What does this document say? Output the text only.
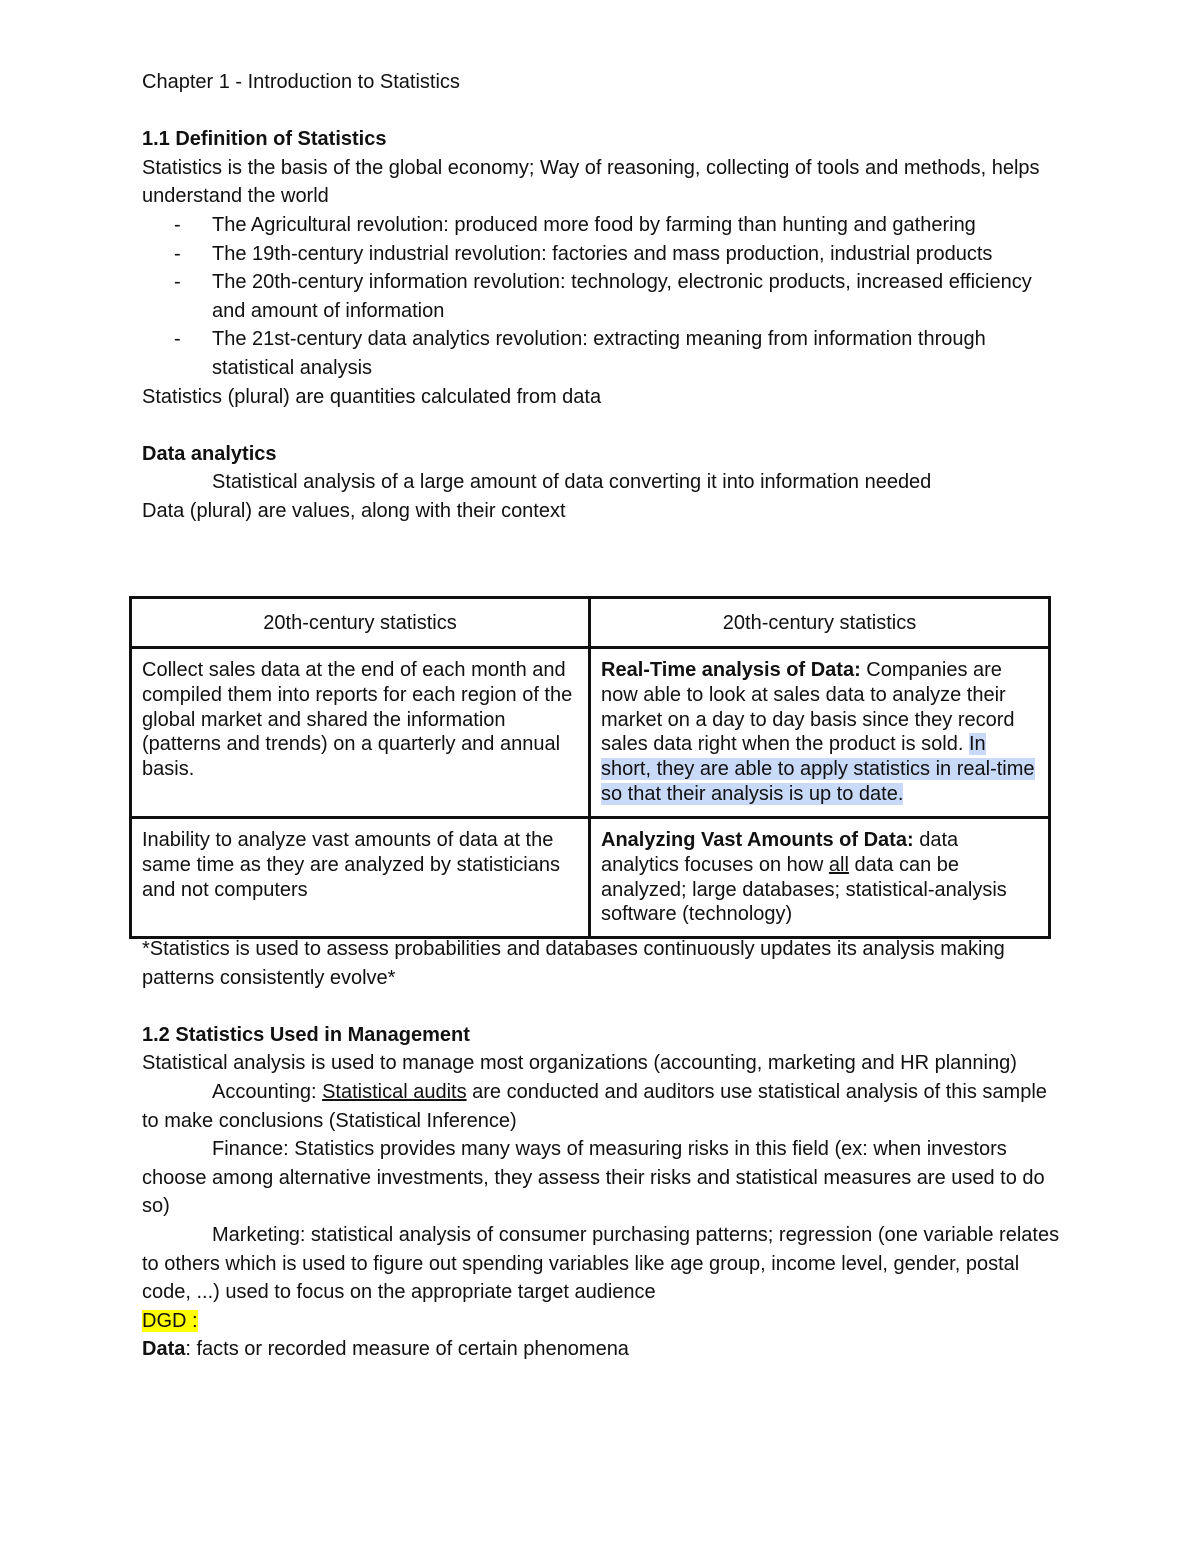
Chapter 1 - Introduction to Statistics
1.1 Definition of Statistics
Statistics is the basis of the global economy; Way of reasoning, collecting of tools and methods, helps understand the world
- The Agricultural revolution: produced more food by farming than hunting and gathering
- The 19th-century industrial revolution: factories and mass production, industrial products
- The 20th-century information revolution: technology, electronic products, increased efficiency and amount of information
- The 21st-century data analytics revolution: extracting meaning from information through statistical analysis
Statistics (plural) are quantities calculated from data
Data analytics
Statistical analysis of a large amount of data converting it into information needed
Data (plural) are values, along with their context
20th-century statistics	20th-century statistics
Collect sales data at the end of each month and compiled them into reports for each region of the global market and shared the information (patterns and trends) on a quarterly and annual basis.	Real-Time analysis of Data: Companies are now able to look at sales data to analyze their market on a day to day basis since they record sales data right when the product is sold. In short, they are able to apply statistics in real-time so that their analysis is up to date.
Inability to analyze vast amounts of data at the same time as they are analyzed by statisticians and not computers	Analyzing Vast Amounts of Data: data analytics focuses on how all data can be analyzed; large databases; statistical-analysis software (technology)
*Statistics is used to assess probabilities and databases continuously updates its analysis making patterns consistently evolve*
1.2 Statistics Used in Management
Statistical analysis is used to manage most organizations (accounting, marketing and HR planning)
Accounting: Statistical audits are conducted and auditors use statistical analysis of this sample to make conclusions (Statistical Inference)
Finance: Statistics provides many ways of measuring risks in this field (ex: when investors choose among alternative investments, they assess their risks and statistical measures are used to do so)
Marketing: statistical analysis of consumer purchasing patterns; regression (one variable relates to others which is used to figure out spending variables like age group, income level, gender, postal code, ...) used to focus on the appropriate target audience
DGD :
Data: facts or recorded measure of certain phenomena
